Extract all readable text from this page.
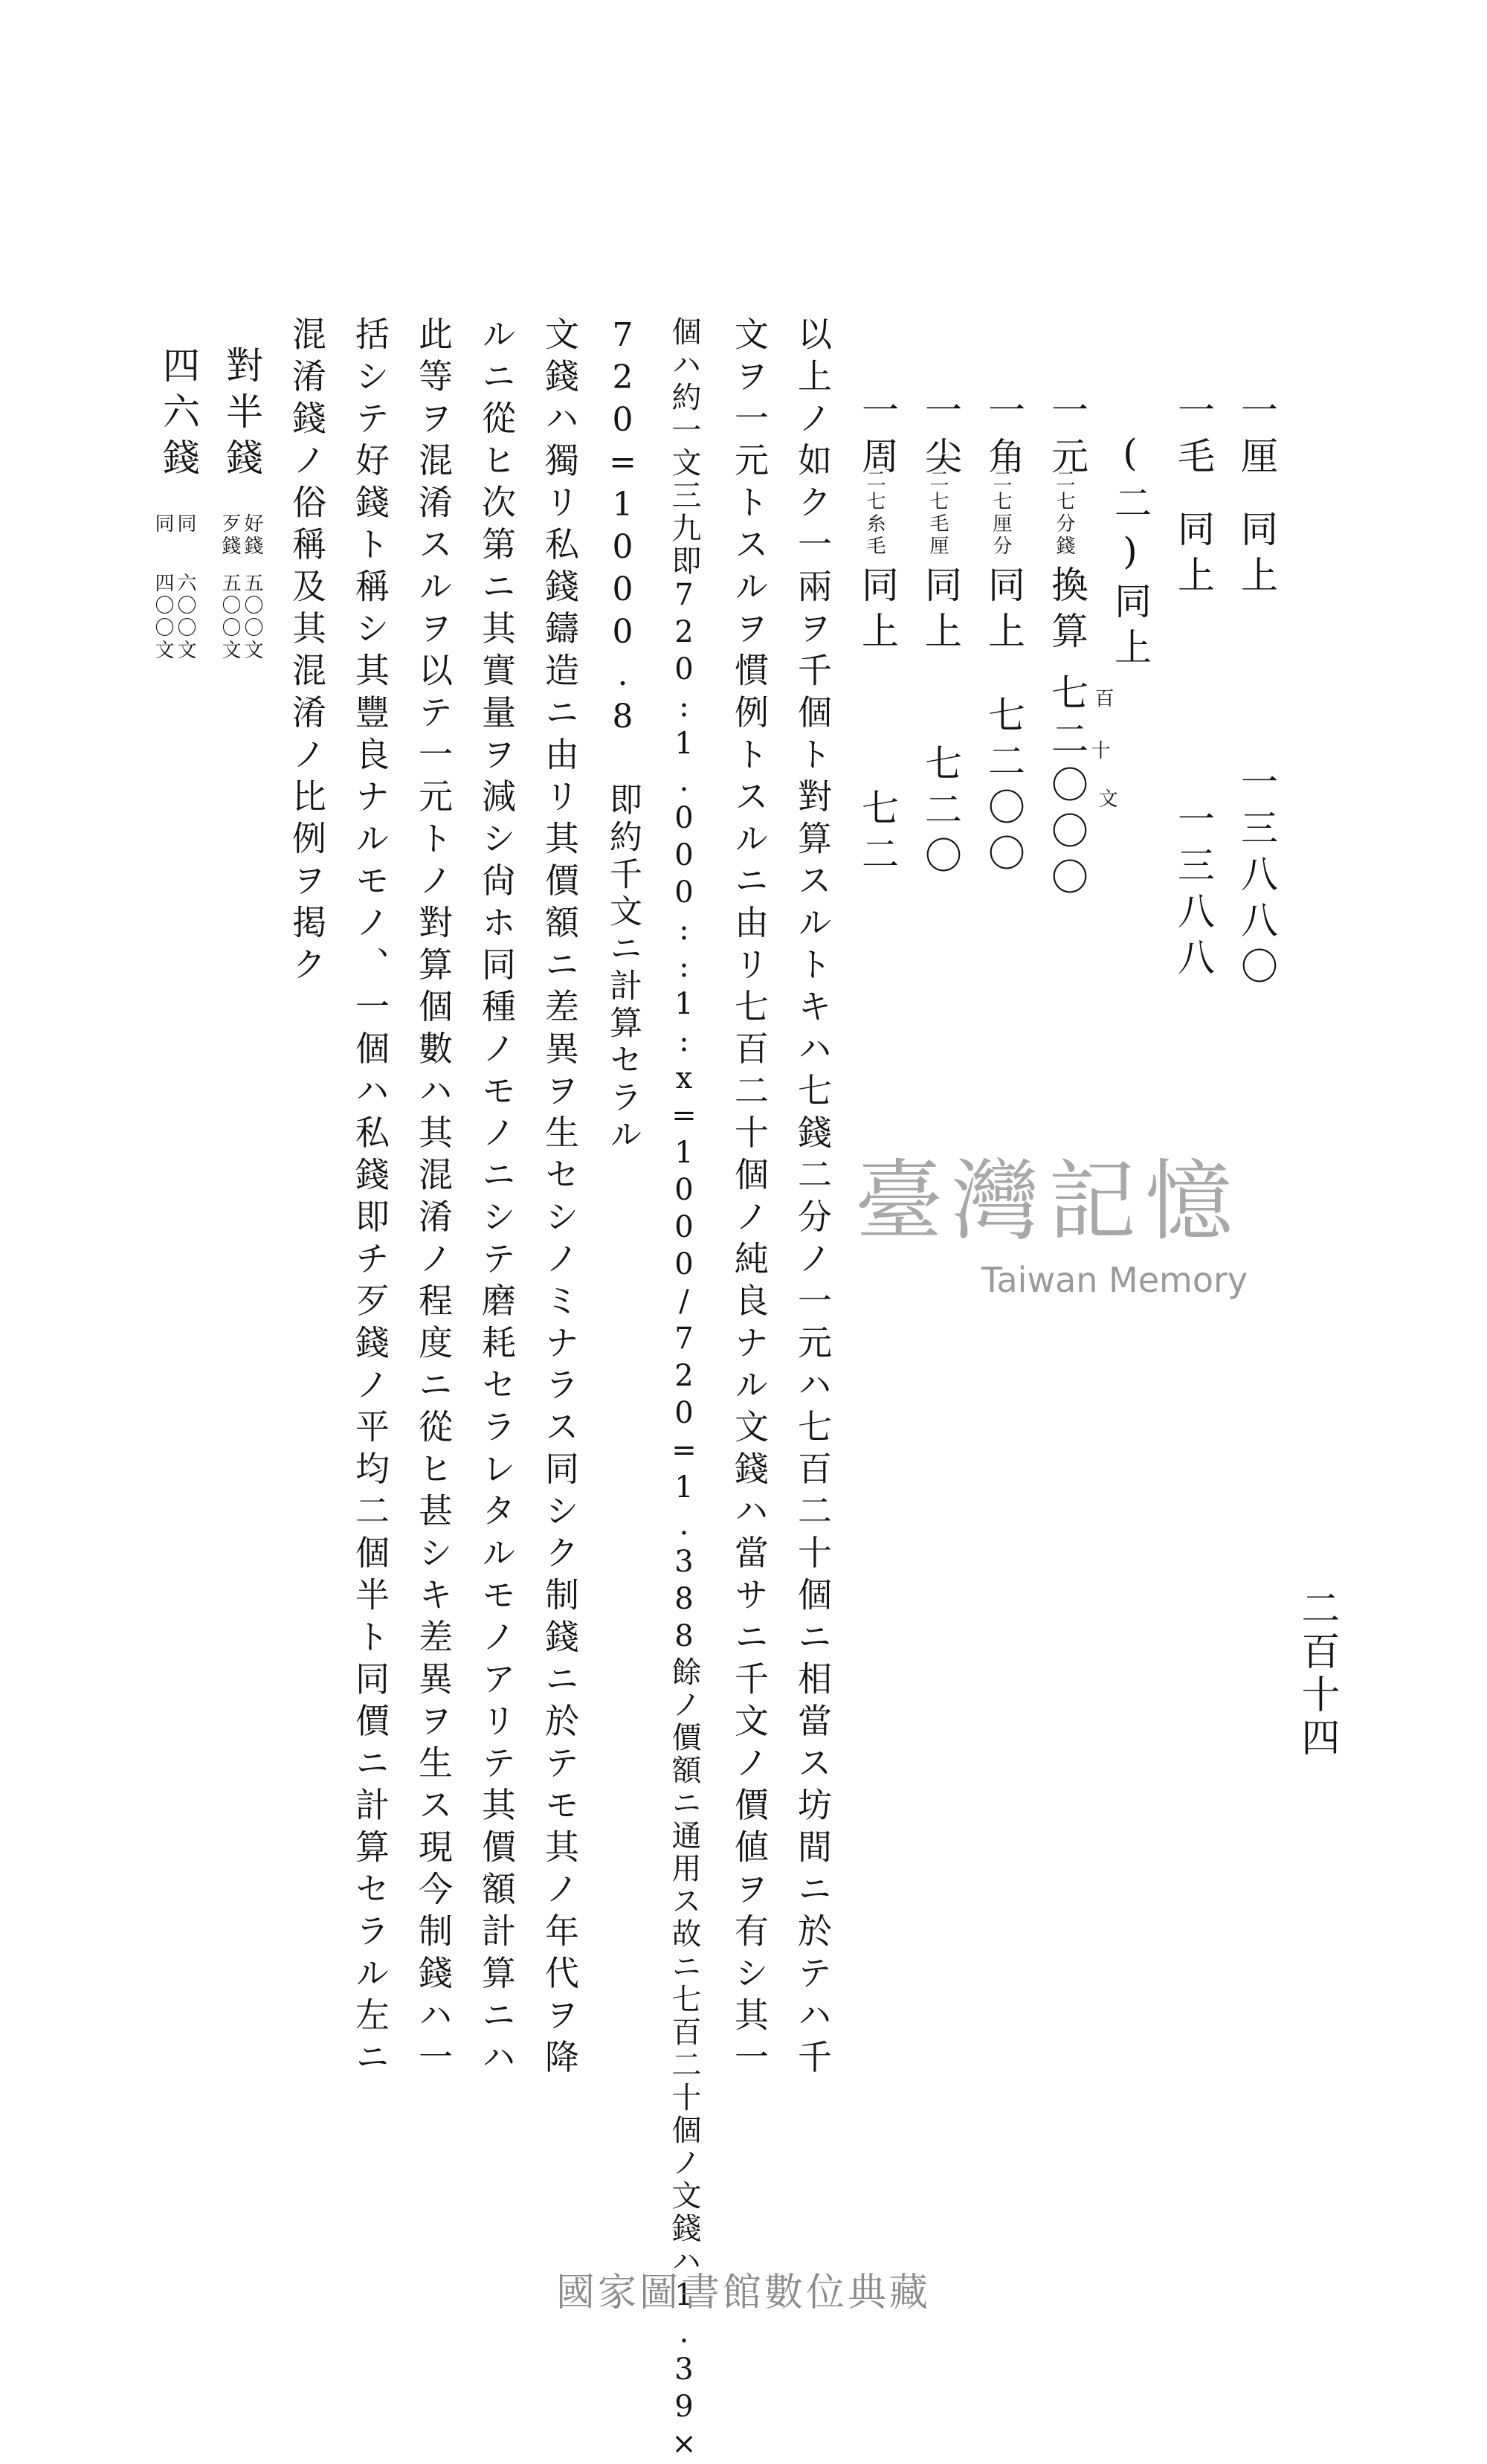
二百十四
一厘
同上
一三八八〇
一毛
同上
一三八八
(二)同上
一元
二七分錢
換算
七二〇〇〇 百
十
文
一角
二七厘分
同上
七二〇〇
一尖
二七毛厘
同上
七二〇
一周
二七糸毛
同上
七二
以上ノ如ク一兩ヲ千個ト對算スルトキハ七錢二分ノ一元ハ七百二十個ニ相當ス坊間ニ於テハ千
文ヲ一元トスルヲ慣例トスルニ由リ七百二十個ノ純良ナル文錢ハ當サニ千文ノ價値ヲ有シ其一
個ハ約一文三九即720:1.000::1:x=1000/720=1.388餘ノ價額ニ通用ス故ニ七百二十個ノ文錢ハ1.39×
720=1000.8 即約千文ニ計算セラル
文錢ハ獨リ私錢鑄造ニ由リ其價額ニ差異ヲ生セシノミナラス同シク制錢ニ於テモ其ノ年代ヲ降
ルニ從ヒ次第ニ其實量ヲ減シ尙ホ同種ノモノニシテ磨耗セラレタルモノアリテ其價額計算ニハ
此等ヲ混淆スルヲ以テ一元トノ對算個數ハ其混淆ノ程度ニ從ヒ甚シキ差異ヲ生ス現今制錢ハ一
括シテ好錢ト稱シ其豐良ナルモノ、一個ハ私錢即チ歹錢ノ平均二個半ト同價ニ計算セラル左ニ
混淆錢ノ俗稱及其混淆ノ比例ヲ掲ク
對半錢
好錢
歹錢
五〇〇文
五〇〇文
四六錢
同
同
六〇〇文
四〇〇文
臺灣記憶
Taiwan Memory
國家圖書館數位典藏
